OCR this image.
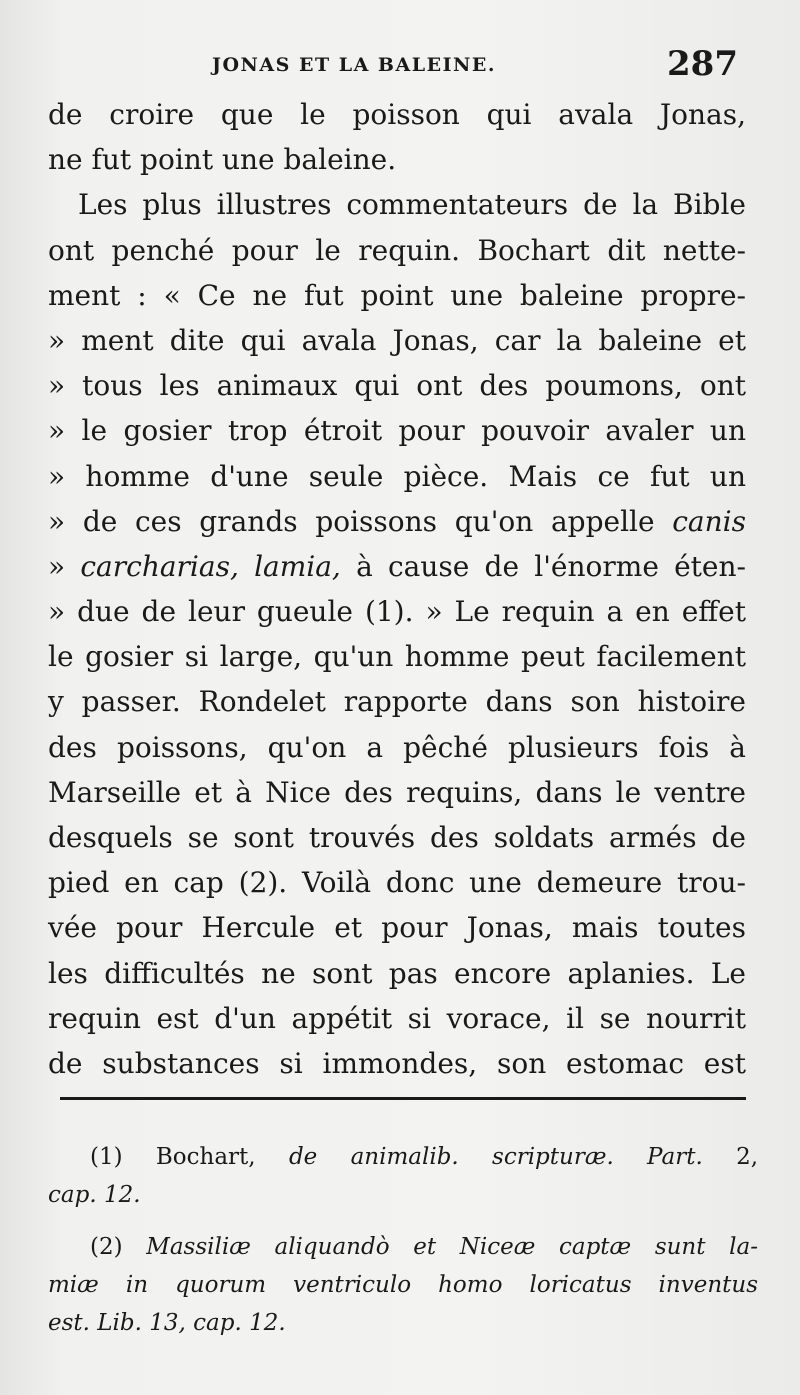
JONAS ET LA BALEINE.	287
de croire que le poisson qui avala Jonas,
ne fut point une baleine.
Les plus illustres commentateurs de la Bible
ont penché pour le requin. Bochart dit nette-
ment : « Ce ne fut point une baleine propre-
» ment dite qui avala Jonas, car la baleine et
» tous les animaux qui ont des poumons, ont
» le gosier trop étroit pour pouvoir avaler un
» homme d'une seule pièce. Mais ce fut un
» de ces grands poissons qu'on appelle canis
» carcharias, lamia, à cause de l'énorme éten-
» due de leur gueule (1). » Le requin a en effet
le gosier si large, qu'un homme peut facilement
y passer. Rondelet rapporte dans son histoire
des poissons, qu'on a pêché plusieurs fois à
Marseille et à Nice des requins, dans le ventre
desquels se sont trouvés des soldats armés de
pied en cap (2). Voilà donc une demeure trou-
vée pour Hercule et pour Jonas, mais toutes
les difficultés ne sont pas encore aplanies. Le
requin est d'un appétit si vorace, il se nourrit
de substances si immondes, son estomac est
(1) Bochart, de animalib. scripturæ. Part. 2,
cap. 12.
(2) Massiliæ aliquandò et Niceæ captæ sunt la-
miæ in quorum ventriculo homo loricatus inventus
est. Lib. 13, cap. 12.
